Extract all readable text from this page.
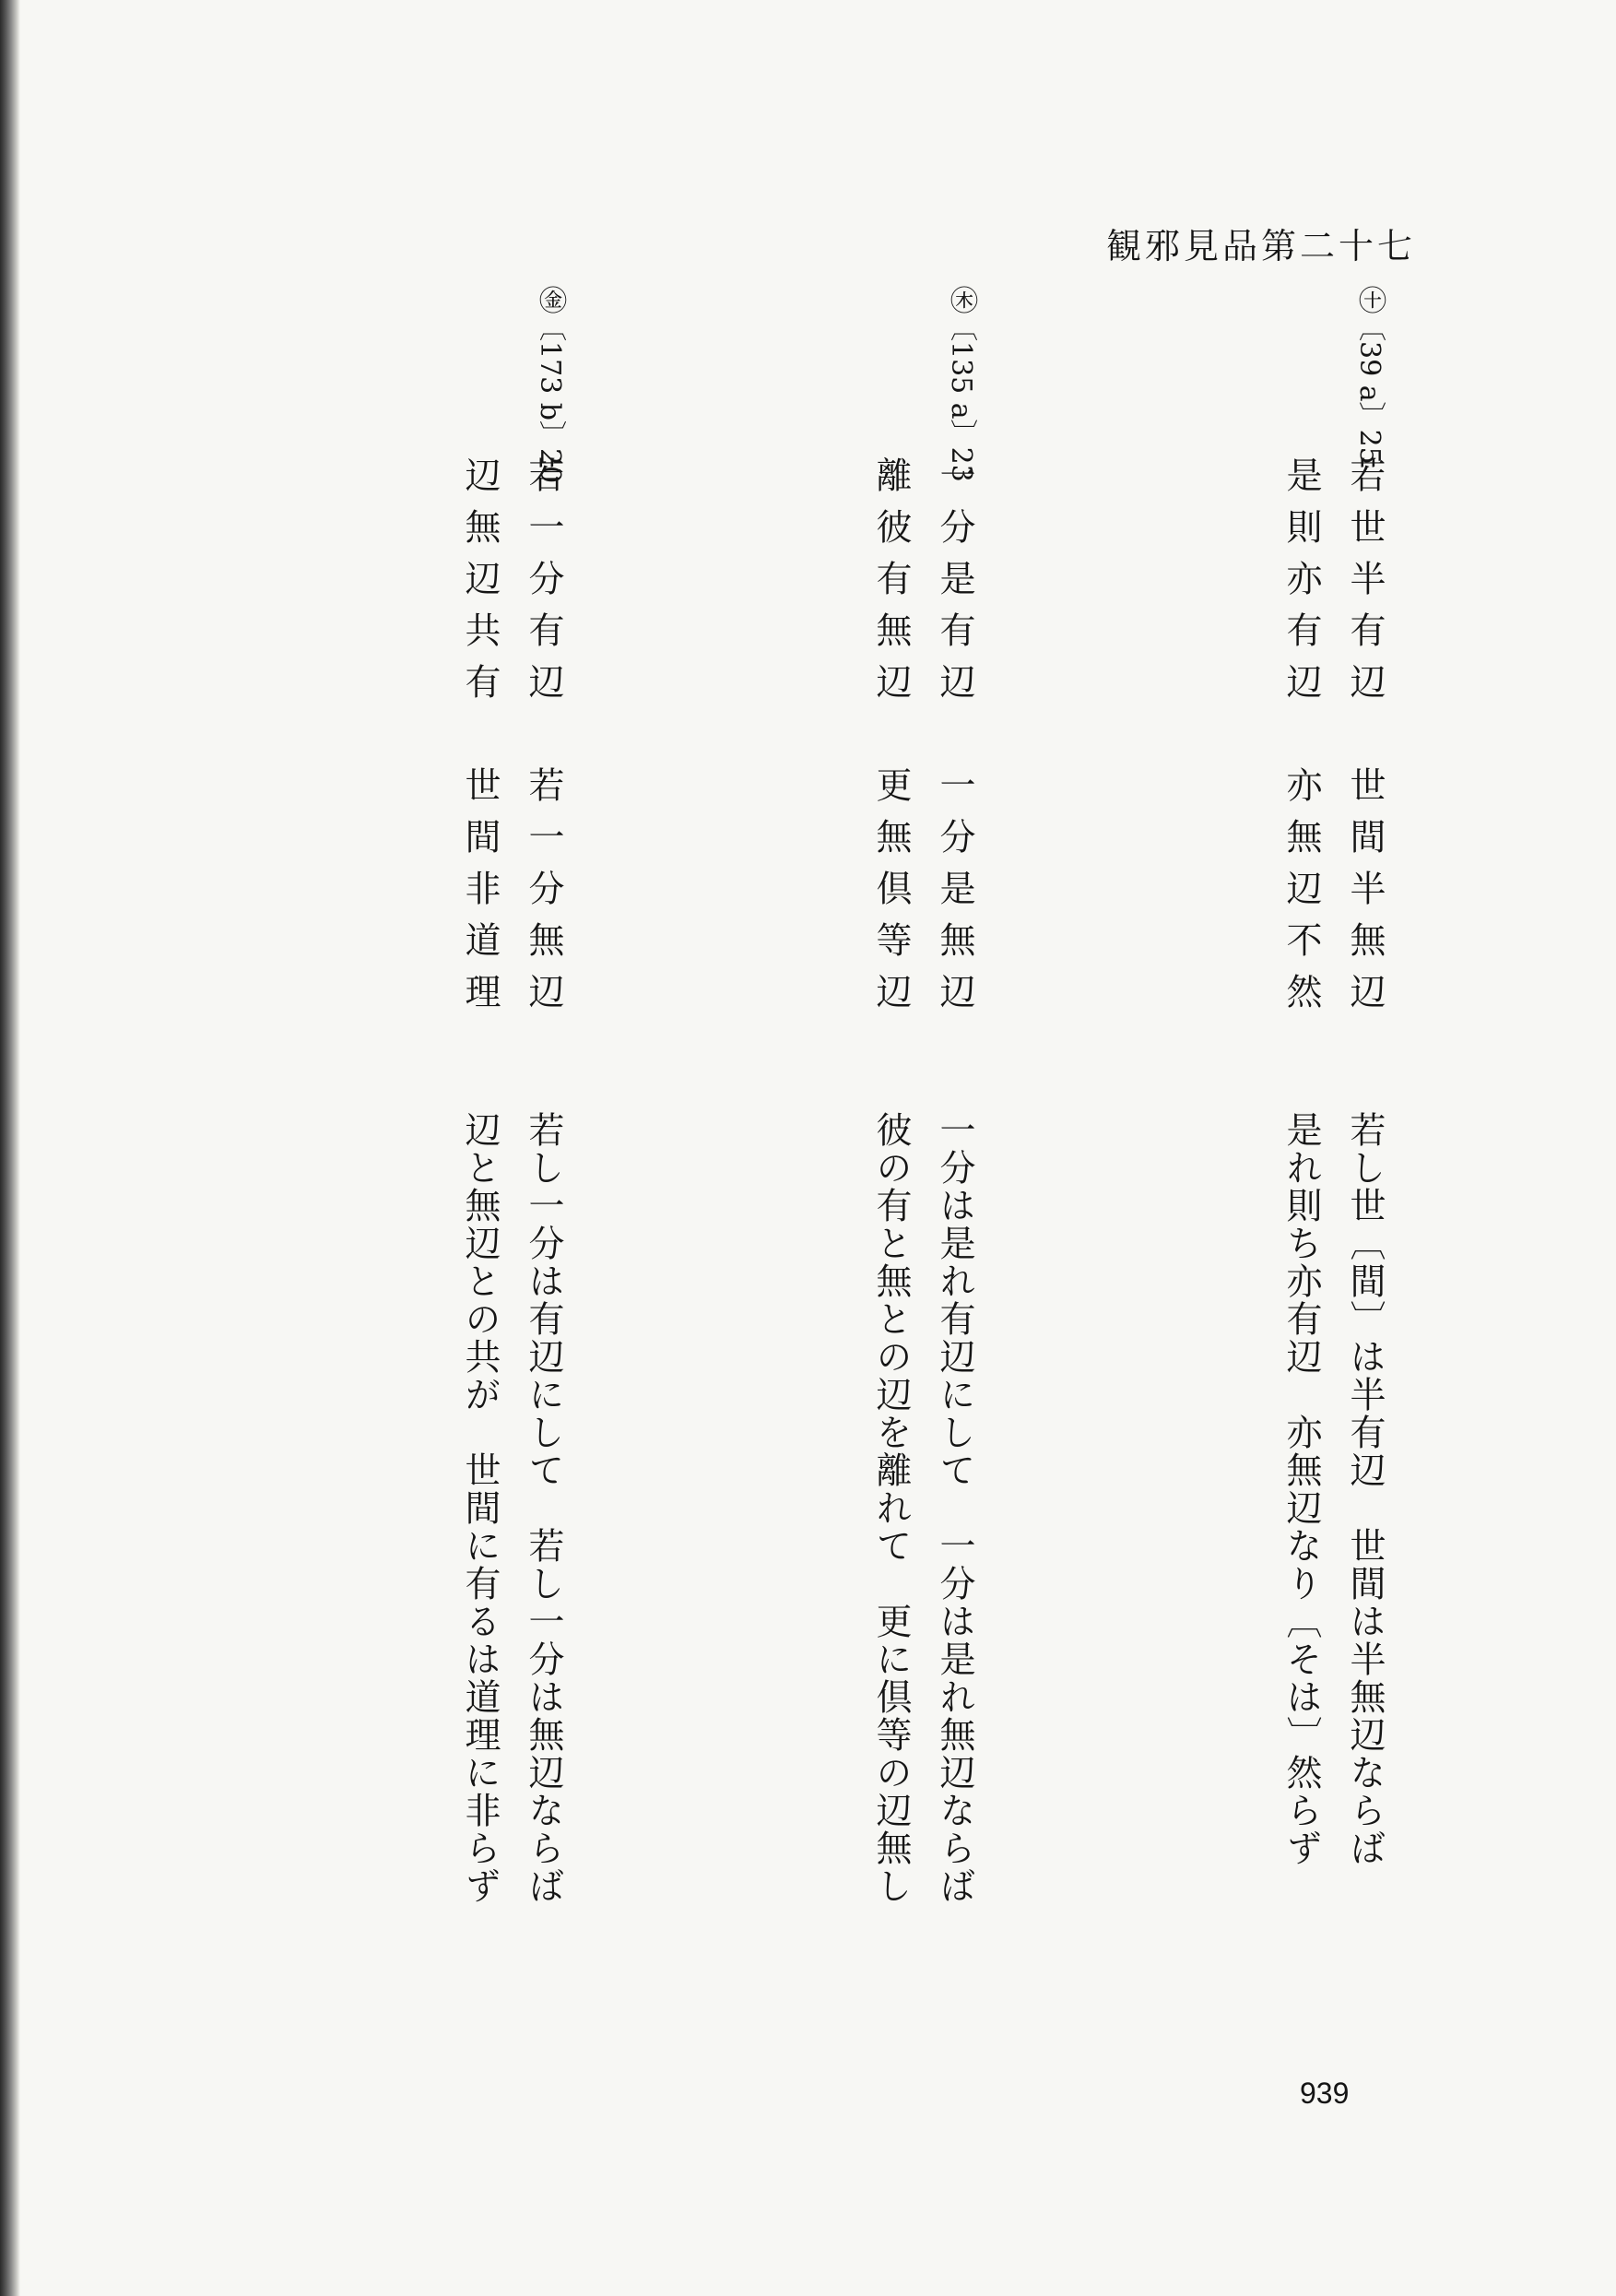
観邪見品第二十七
㊉〔39 a〕25
若世半有辺　世間半無辺
是則亦有辺　亦無辺不然
若し世〔間〕は半有辺　世間は半無辺ならば
是れ則ち亦有辺　亦無辺なり〔そは〕然らず
㊍〔135 a〕23
一分是有辺　一分是無辺
離彼有無辺　更無倶等辺
一分は是れ有辺にして　一分は是れ無辺ならば
彼の有と無との辺を離れて　更に倶等の辺無し
㊎〔173 b〕20
若一分有辺　若一分無辺
辺無辺共有　世間非道理
若し一分は有辺にして　若し一分は無辺ならば
辺と無辺との共が　世間に有るは道理に非らず
939
